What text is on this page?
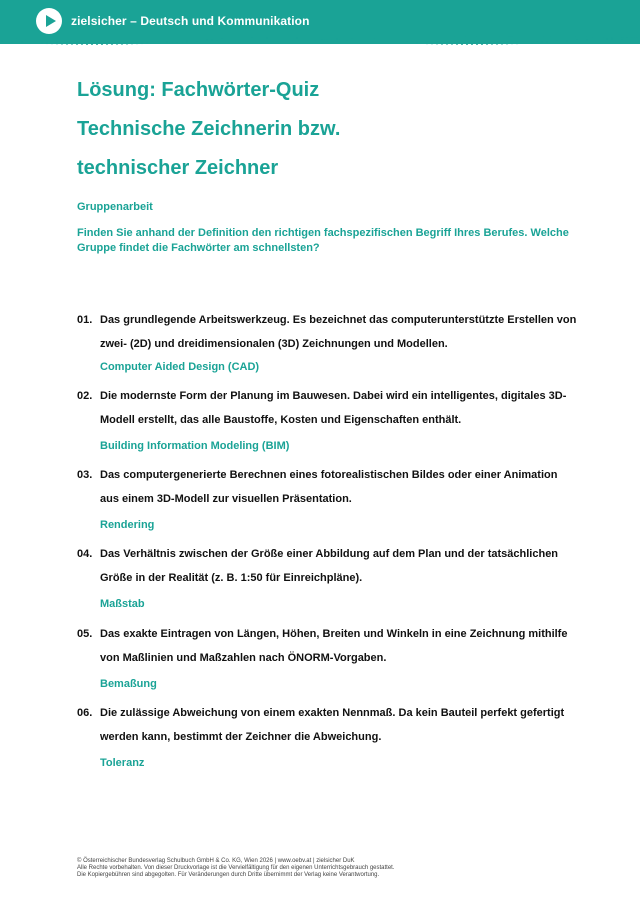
zielsicher – Deutsch und Kommunikation
Lösung: Fachwörter-Quiz
Technische Zeichnerin bzw.
technischer Zeichner
Gruppenarbeit
Finden Sie anhand der Definition den richtigen fachspezifischen Begriff Ihres Berufes. Welche Gruppe findet die Fachwörter am schnellsten?
01. Das grundlegende Arbeitswerkzeug. Es bezeichnet das computerunterstützte Erstellen von zwei- (2D) und dreidimensionalen (3D) Zeichnungen und Modellen.
Computer Aided Design (CAD)
02. Die modernste Form der Planung im Bauwesen. Dabei wird ein intelligentes, digitales 3D-Modell erstellt, das alle Baustoffe, Kosten und Eigenschaften enthält.
Building Information Modeling (BIM)
03. Das computergenerierte Berechnen eines fotorealistischen Bildes oder einer Animation aus einem 3D-Modell zur visuellen Präsentation.
Rendering
04. Das Verhältnis zwischen der Größe einer Abbildung auf dem Plan und der tatsächlichen Größe in der Realität (z. B. 1:50 für Einreichpläne).
Maßstab
05. Das exakte Eintragen von Längen, Höhen, Breiten und Winkeln in eine Zeichnung mithilfe von Maßlinien und Maßzahlen nach ÖNORM-Vorgaben.
Bemaßung
06. Die zulässige Abweichung von einem exakten Nennmaß. Da kein Bauteil perfekt gefertigt werden kann, bestimmt der Zeichner die Abweichung.
Toleranz
© Österreichischer Bundesverlag Schulbuch GmbH & Co. KG, Wien 2026 | www.oebv.at | zielsicher DuK
Alle Rechte vorbehalten. Von dieser Druckvorlage ist die Vervielfältigung für den eigenen Unterrichtsgebrauch gestattet.
Die Kopiergebühren sind abgegolten. Für Veränderungen durch Dritte übernimmt der Verlag keine Verantwortung.
